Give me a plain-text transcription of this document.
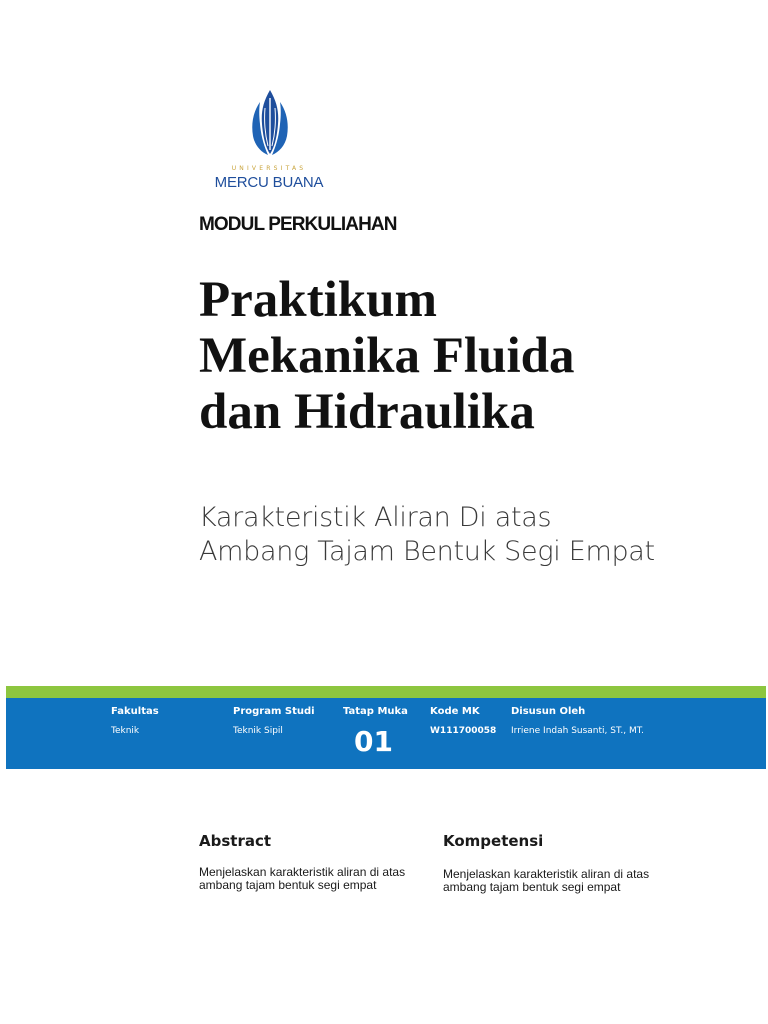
UNIVERSITAS
MERCU BUANA
MODUL PERKULIAHAN
Praktikum
Mekanika Fluida
dan Hidraulika
Karakteristik Aliran Di atas Ambang Tajam Bentuk Segi Empat
Fakultas
Teknik
Program Studi
Teknik Sipil
Tatap Muka
01
Kode MK
W111700058
Disusun Oleh
Irriene Indah Susanti, ST., MT.
Abstract
Menjelaskan karakteristik aliran di atas ambang tajam bentuk segi empat
Kompetensi
Menjelaskan karakteristik aliran di atas ambang tajam bentuk segi empat
